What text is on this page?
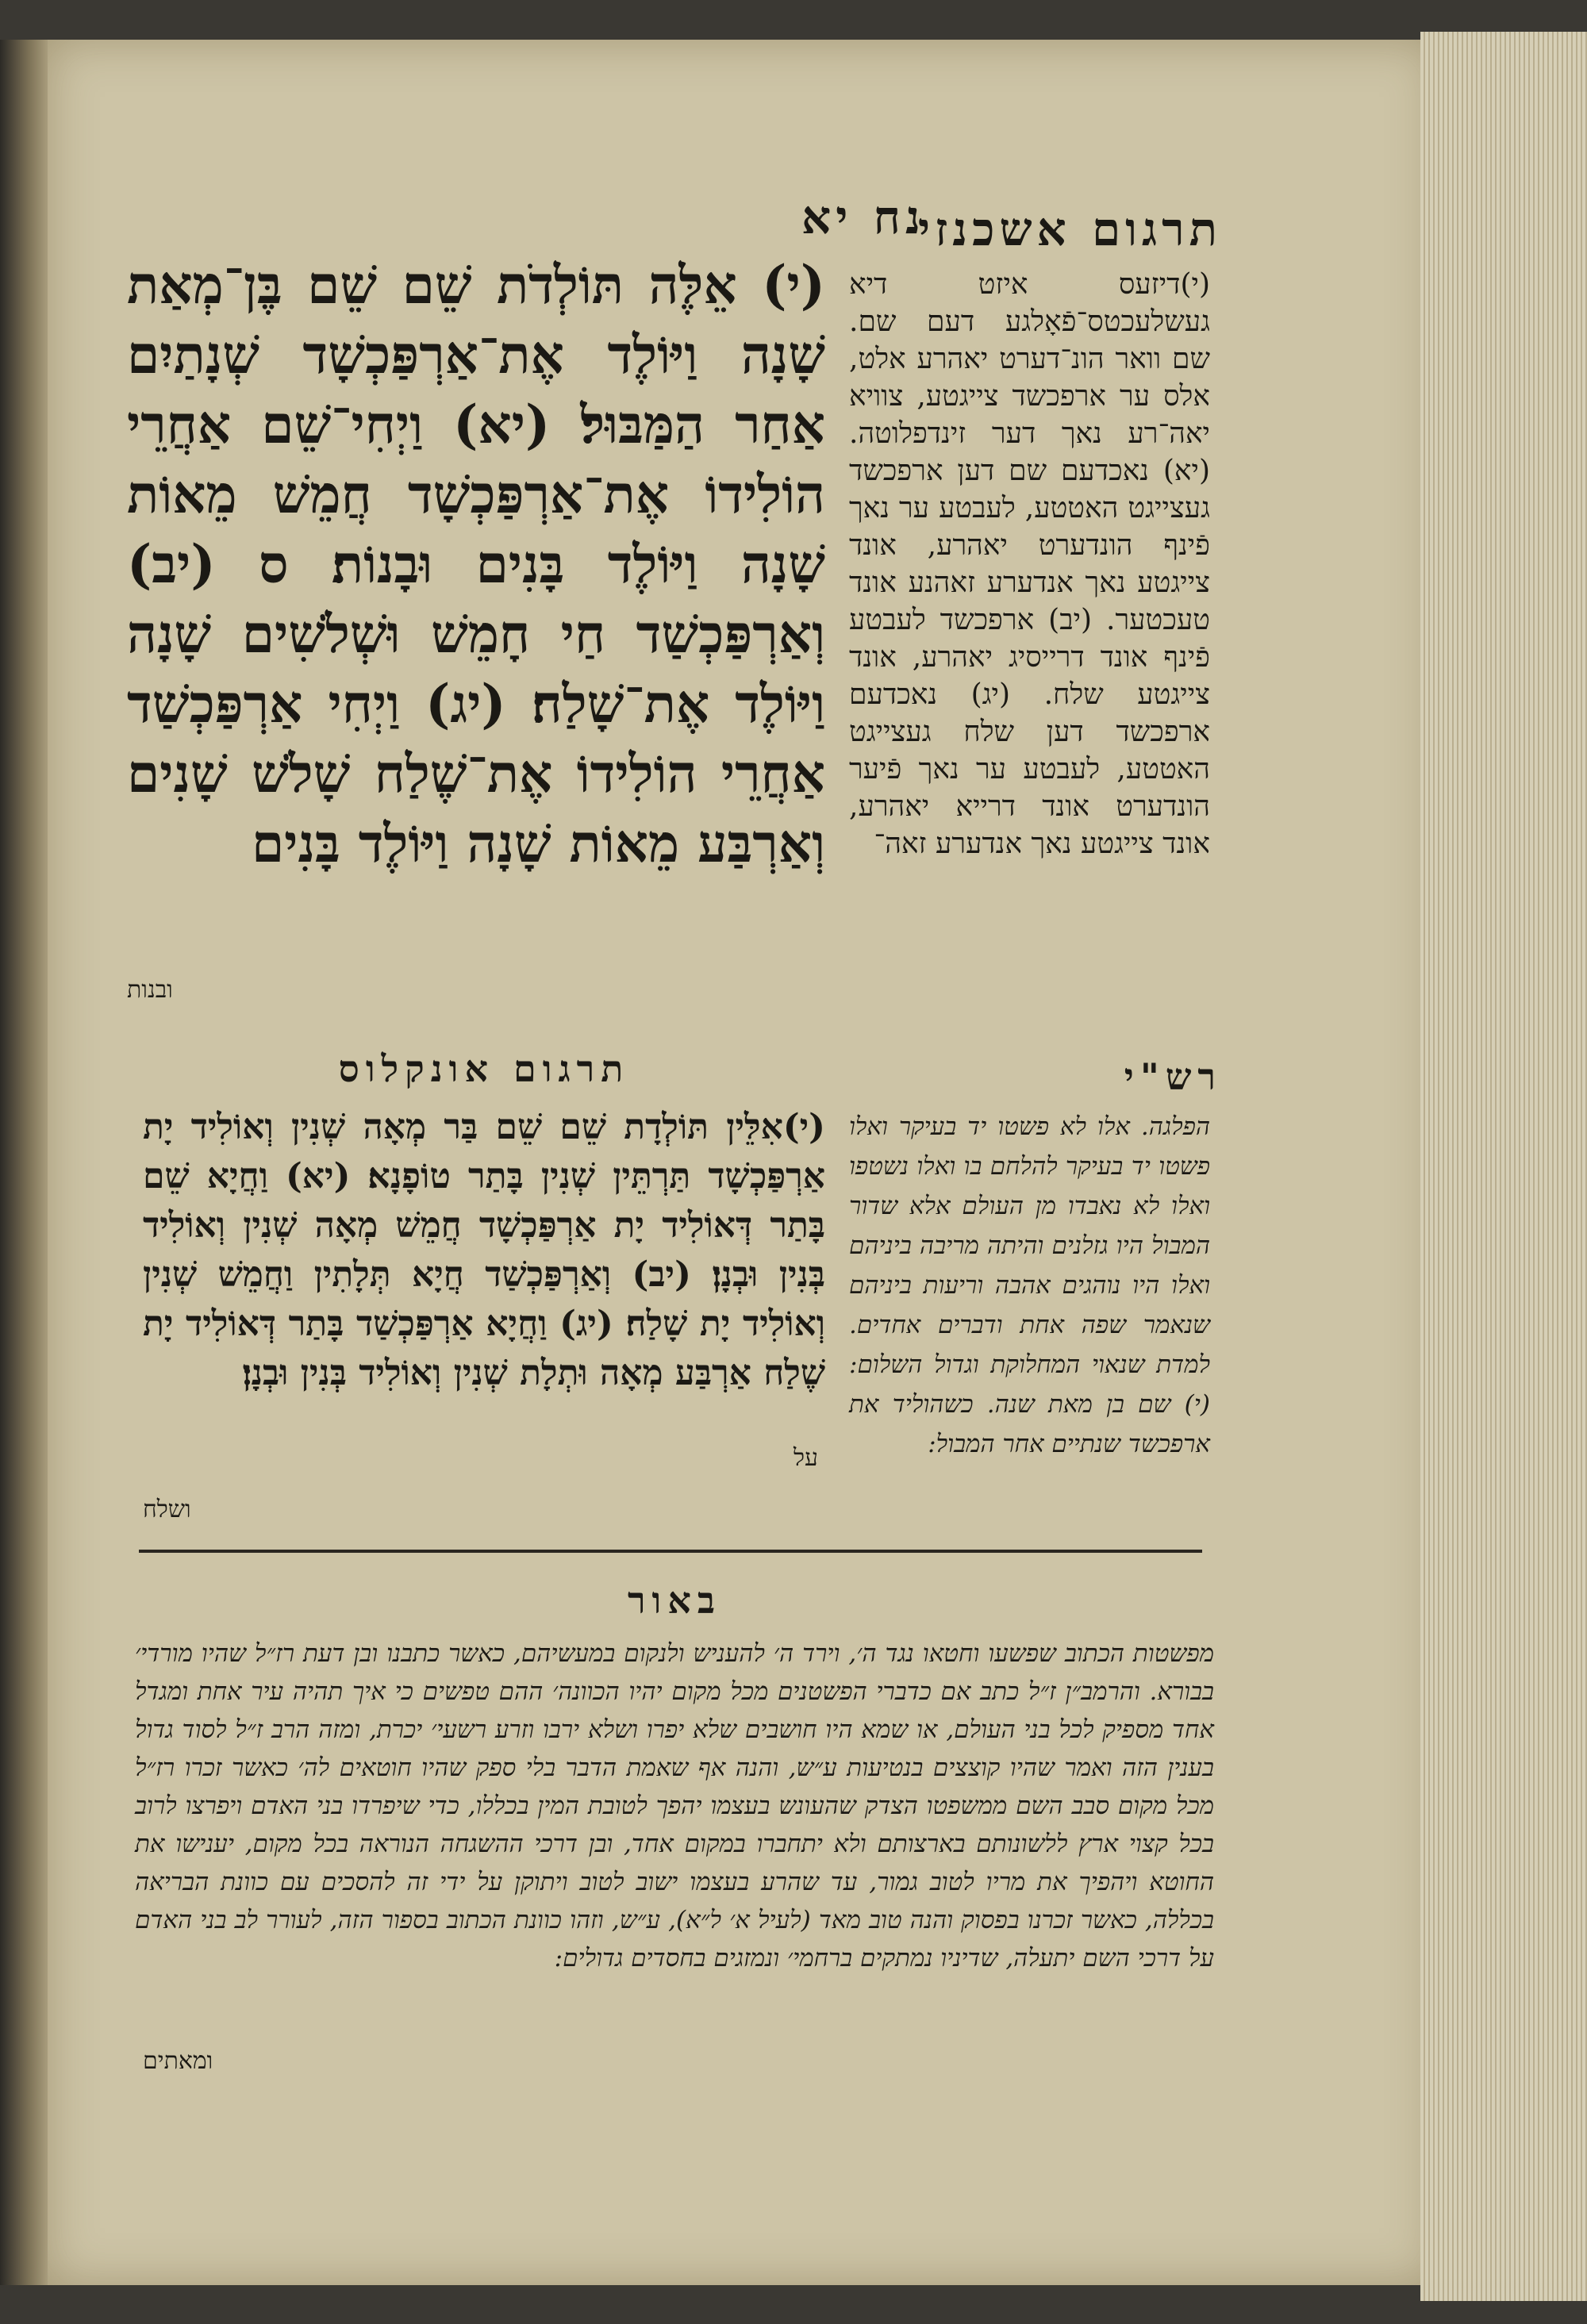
תרגום אשכנזי
נח יא

(י)דיזעס איזט דיא געשלעכטס־פֿאָלגע דעם שם. שם וואר הונ־דערט יאהרע אלט, אלס ער ארפכשד צייגטע, צוויא יאה־רע נאך דער זינדפלוטה. (יא) נאכדעם שם דען ארפכשד געצייגט האטטע, לעבטע ער נאך פֿינף הונדערט יאהרע, אונד צייגטע נאך אנדערע זאהנע אונד טעכטער. (יב) ארפכשד לעבטע פֿינף אונד דרייסיג יאהרע, אונד צייגטע שלח. (יג) נאכדעם ארפכשד דען שלח געצייגט האטטע, לעבטע ער נאך פֿיער הונדערט אונד דרייא יאהרע, אונד צייגטע נאך אנדערע זאה־

(י) אֵלֶּה תּוֹלְדֹת שֵׁם שֵׁם בֶּן־מְאַת שָׁנָה וַיּוֹלֶד אֶת־אַרְפַּכְשָׁד שְׁנָתַיִם אַחַר הַמַּבּוּל׃ (יא) וַיְחִי־שֵׁם אַחֲרֵי הוֹלִידוֹ אֶת־אַרְפַּכְשָׁד חֲמֵשׁ מֵאוֹת שָׁנָה וַיּוֹלֶד בָּנִים וּבָנוֹת׃ ס (יב) וְאַרְפַּכְשַׁד חַי חָמֵשׁ וּשְׁלֹשִׁים שָׁנָה וַיּוֹלֶד אֶת־שָׁלַח׃ (יג) וַיְחִי אַרְפַּכְשַׁד אַחֲרֵי הוֹלִידוֹ אֶת־שֶׁלַח שָׁלֹשׁ שָׁנִים וְאַרְבַּע מֵאוֹת שָׁנָה וַיּוֹלֶד בָּנִים

ובנות
תרגום אונקלוס

(י)אִלֵּין תּוֹלְדָת שֵׁם שֵׁם בַּר מְאָה שְׁנִין וְאוֹלִיד יָת אַרְפַּכְשָׁד תַּרְתֵּין שְׁנִין בָּתַר טוֹפָנָא׃ (יא) וַחֲיָא שֵׁם בָּתַר דְּאוֹלִיד יָת אַרְפַּכְשָׁד חֲמֵשׁ מְאָה שְׁנִין וְאוֹלִיד בְּנִין וּבְנָן׃ (יב) וְאַרְפַּכְשַׁד חֲיָא תְּלָתִין וַחֲמֵשׁ שְׁנִין וְאוֹלִיד יָת שָׁלַח׃ (יג) וַחֲיָא אַרְפַּכְשַׁד בָּתַר דְּאוֹלִיד יָת שֶׁלַח אַרְבַּע מְאָה וּתְלָת שְׁנִין וְאוֹלִיד בְּנִין וּבְנָן׃

ושלח
רש"י

הפלגה. אלו לא פשטו יד בעיקר ואלו פשטו יד בעיקר להלחם בו ואלו נשטפו ואלו לא נאבדו מן העולם אלא שדור המבול היו גזלנים והיתה מריבה ביניהם ואלו היו נוהגים אהבה וריעות ביניהם שנאמר שפה אחת ודברים אחדים. למדת שנאוי המחלוקת וגדול השלום: (י) שם בן מאת שנה. כשהוליד את ארפכשד שנתיים אחר המבול:

על
באור

מפשטות הכתוב שפשעו וחטאו נגד ה׳, וירד ה׳ להעניש ולנקום במעשיהם, כאשר כתבנו ובן דעת רז״ל שהיו מורדי׳ בבורא. והרמב״ן ז״ל כתב אם כדברי הפשטנים מכל מקום יהיו הכוונה׳ ההם טפשים כי איך תהיה עיר אחת ומגדל אחד מספיק לכל בני העולם, או שמא היו חושבים שלא יפרו ושלא ירבו וזרע רשעי׳ יכרת, ומזה הרב ז״ל לסוד גדול בענין הזה ואמר שהיו קוצצים בנטיעות ע״ש, והנה אף שאמת הדבר בלי ספק שהיו חוטאים לה׳ כאשר זכרו רז״ל מכל מקום סבב השם ממשפטו הצדק שהעונש בעצמו יהפך לטובת המין בכללו, כדי שיפרדו בני האדם ויפרצו לרוב בכל קצוי ארץ ללשונותם בארצותם ולא יתחברו במקום אחד, ובן דרכי ההשגחה הנוראה בכל מקום, יענישו את החוטא ויהפיך את מריו לטוב גמור, עד שהרע בעצמו ישוב לטוב ויתוקן על ידי זה להסכים עם כוונת הבריאה בכללה, כאשר זכרנו בפסוק והנה טוב מאד (לעיל א׳ ל״א), ע״ש, וזהו כוונת הכתוב בספור הזה, לעורר לב בני האדם על דרכי השם יתעלה, שדיניו נמתקים ברחמי׳ ונמזגים בחסדים גדולים:

ומאתים
